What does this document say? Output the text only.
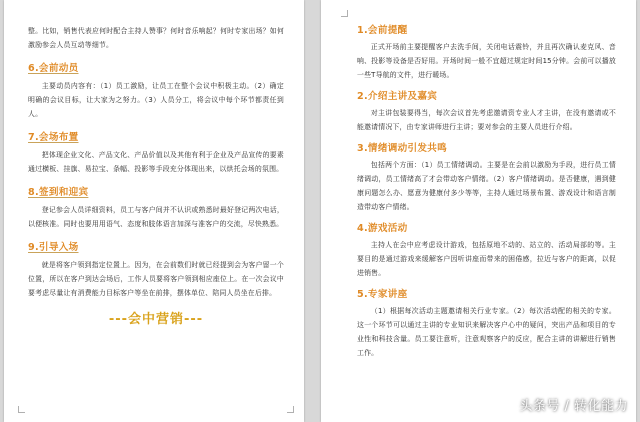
整。比如，销售代表应何时配合主持人赞事？何时音乐响起？何时专家出场？如何激励参会人员互动等细节。

6.会前动员

主要动员内容有：（1）员工激励，让员工在整个会议中积极主动。（2）确定明确的会议目标，让大家为之努力。（3）人员分工，将会议中每个环节都责任到人。

7.会场布置

把体现企业文化、产品文化、产品价值以及其他有利于企业及产品宣传的要素通过横板、挂旗、易拉宝、条幅、投影等手段充分体现出来，以烘托会场的氛围。

8.签到和迎宾

登记参会人员详细资料，员工与客户间并不认识或熟悉时最好登记两次电话，以便核准。同时也要用用语气、态度和肢体语言加深与准客户的交流，尽快熟悉。

9.引导入场

就是将客户领到指定位置上。因为，在会前数们时就已经提到会为客户留一个位置，所以在客户到达会场后，工作人员要将客户领到相应座位上。在一次会议中要考虑尽量让有消费能力目标客户等坐在前排，摆体单位、陪同人员坐在后排。

---会中营销---

1.会前提醒

正式开场前主要提醒客户去洗手间，关闭电话震铃，并且再次确认麦克风、音响、投影等设备是否好用。开场时间一般不宜超过规定时间15分钟。会前可以播放一些T导航的文件，进行暖场。

2.介绍主讲及嘉宾

对主讲包装要得当，每次会议首先考虑邀请资专业人才主讲，在没有邀请或不能邀请情况下，由专家讲师进行主讲；要对参会的主要人员进行介绍。

3.情绪调动引发共鸣

包括两个方面：（1）员工情绪调动。主要是在会前以激励为手段，进行员工情绪调动，员工情绪高了才会带动客户情绪。（2）客户情绪调动。是否健康，遇到健康问题怎么办、愿意为健康付多少等等，主持人通过场景布置、游戏设计和语言制造带动客户情绪。

4.游戏活动

主持人在会中应考虑设计游戏，包括原地不动的、站立的、活动局部的等。主要目的是通过游戏来缓解客户因听讲座而带来的困倦感，拉近与客户的距离，以促进销售。

5.专家讲座

（1）根据每次活动主题邀请相关行业专家。（2）每次活动配的相关的专家。这一个环节可以通过主讲的专业知识来解决客户心中的疑问，突出产品和项目的专业性和科技含量。员工要注意听，注意观察客户的反应，配合主讲的讲解进行销售工作。

头条号 / 转化能力
